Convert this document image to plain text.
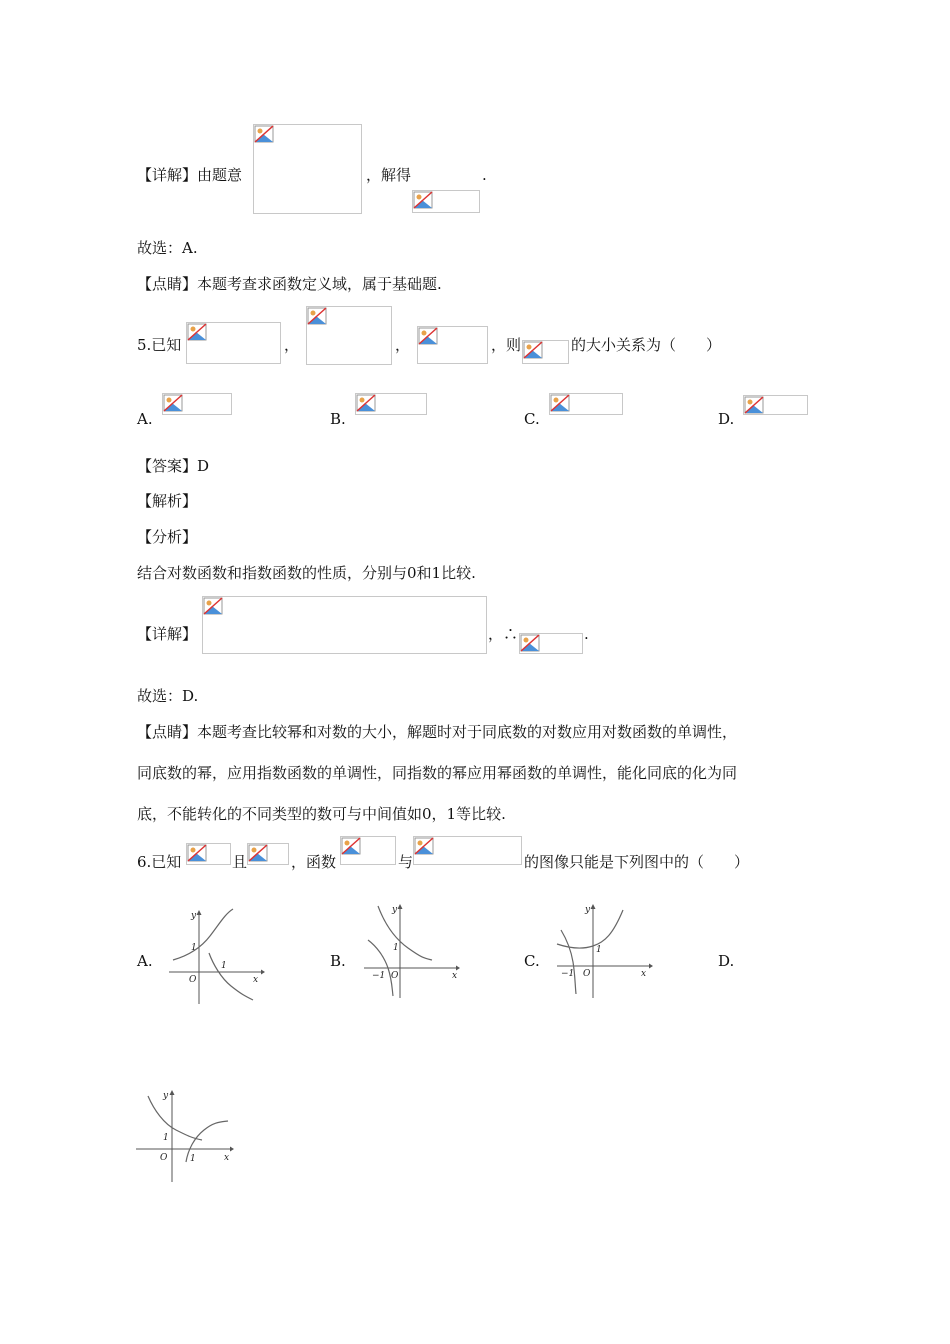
【详解】由题意	，解得	.
故选：A.
【点睛】本题考查求函数定义域，属于基础题.
5.已知	，	，	，则	的大小关系为（　　）
A.	B.	C.	D.
【答案】D
【解析】
【分析】
结合对数函数和指数函数的性质，分别与0和1比较.
【详解】	，∴	.
故选：D.
【点睛】本题考查比较幂和对数的大小，解题时对于同底数的对数应用对数函数的单调性，
同底数的幂，应用指数函数的单调性，同指数的幂应用幂函数的单调性，能化同底的化为同
底，不能转化的不同类型的数可与中间值如0，1等比较.
6.已知	且	，函数	与	的图像只能是下列图中的（　　）
A.	B.	C.	D.
y
x
O
1
1
y
x
O
1
−1
y
x
O
1
−1
y
x
O
1
1
